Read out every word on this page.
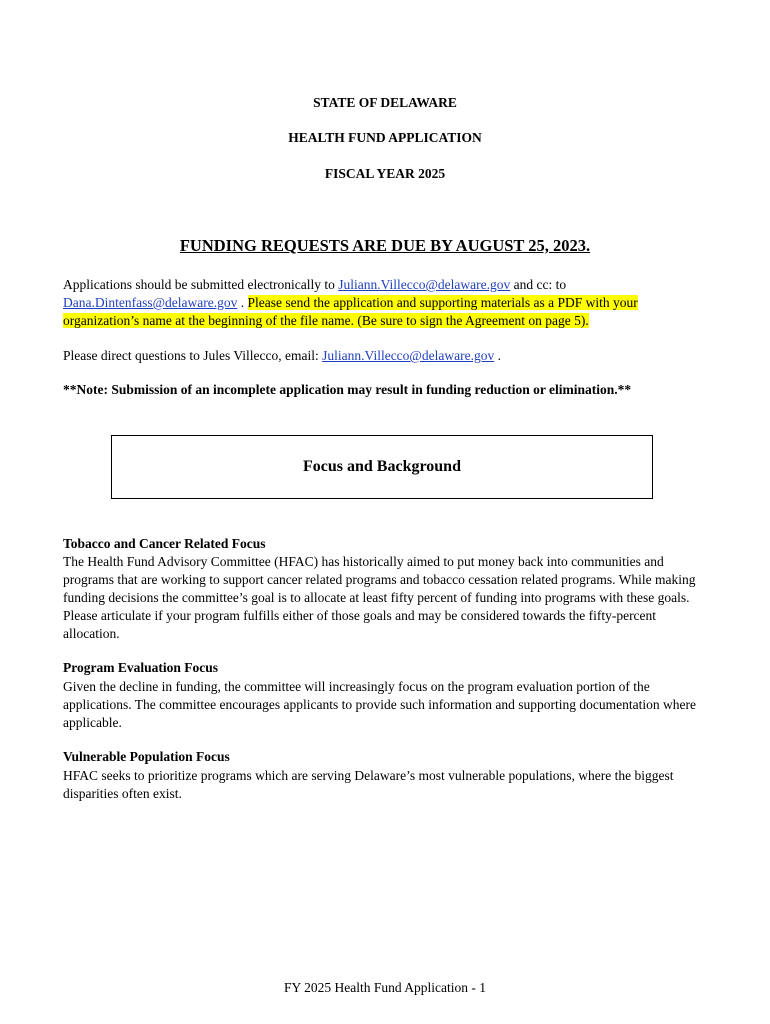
STATE OF DELAWARE

HEALTH FUND APPLICATION

FISCAL YEAR 2025

FUNDING REQUESTS ARE DUE BY AUGUST 25, 2023.

Applications should be submitted electronically to Juliann.Villecco@delaware.gov and cc: to Dana.Dintenfass@delaware.gov . Please send the application and supporting materials as a PDF with your organization’s name at the beginning of the file name. (Be sure to sign the Agreement on page 5).

Please direct questions to Jules Villecco, email: Juliann.Villecco@delaware.gov .

**Note: Submission of an incomplete application may result in funding reduction or elimination.**

Focus and Background

Tobacco and Cancer Related Focus

The Health Fund Advisory Committee (HFAC) has historically aimed to put money back into communities and programs that are working to support cancer related programs and tobacco cessation related programs. While making funding decisions the committee’s goal is to allocate at least fifty percent of funding into programs with these goals. Please articulate if your program fulfills either of those goals and may be considered towards the fifty-percent allocation.

Program Evaluation Focus

Given the decline in funding, the committee will increasingly focus on the program evaluation portion of the applications. The committee encourages applicants to provide such information and supporting documentation where applicable.

Vulnerable Population Focus

HFAC seeks to prioritize programs which are serving Delaware’s most vulnerable populations, where the biggest disparities often exist.

FY 2025 Health Fund Application - 1
